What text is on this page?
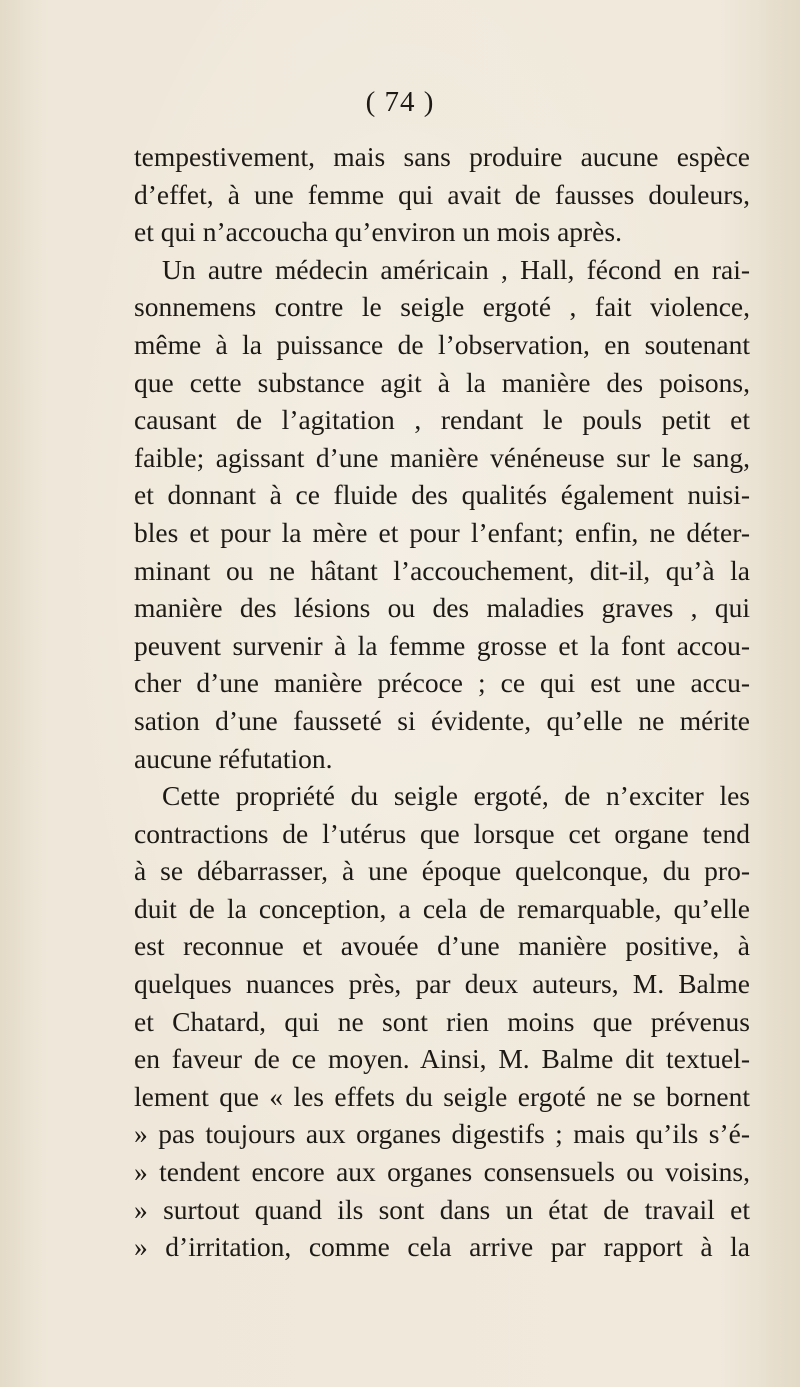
( 74 )
tempestivement, mais sans produire aucune espèce
d’effet, à une femme qui avait de fausses douleurs,
et qui n’accoucha qu’environ un mois après.
Un autre médecin américain , Hall, fécond en rai-
sonnemens contre le seigle ergoté , fait violence,
même à la puissance de l’observation, en soutenant
que cette substance agit à la manière des poisons,
causant de l’agitation , rendant le pouls petit et
faible; agissant d’une manière vénéneuse sur le sang,
et donnant à ce fluide des qualités également nuisi-
bles et pour la mère et pour l’enfant; enfin, ne déter-
minant ou ne hâtant l’accouchement, dit-il, qu’à la
manière des lésions ou des maladies graves , qui
peuvent survenir à la femme grosse et la font accou-
cher d’une manière précoce ; ce qui est une accu-
sation d’une fausseté si évidente, qu’elle ne mérite
aucune réfutation.
Cette propriété du seigle ergoté, de n’exciter les
contractions de l’utérus que lorsque cet organe tend
à se débarrasser, à une époque quelconque, du pro-
duit de la conception, a cela de remarquable, qu’elle
est reconnue et avouée d’une manière positive, à
quelques nuances près, par deux auteurs, M. Balme
et Chatard, qui ne sont rien moins que prévenus
en faveur de ce moyen. Ainsi, M. Balme dit textuel-
lement que « les effets du seigle ergoté ne se bornent
» pas toujours aux organes digestifs ; mais qu’ils s’é-
» tendent encore aux organes consensuels ou voisins,
» surtout quand ils sont dans un état de travail et
» d’irritation, comme cela arrive par rapport à la
